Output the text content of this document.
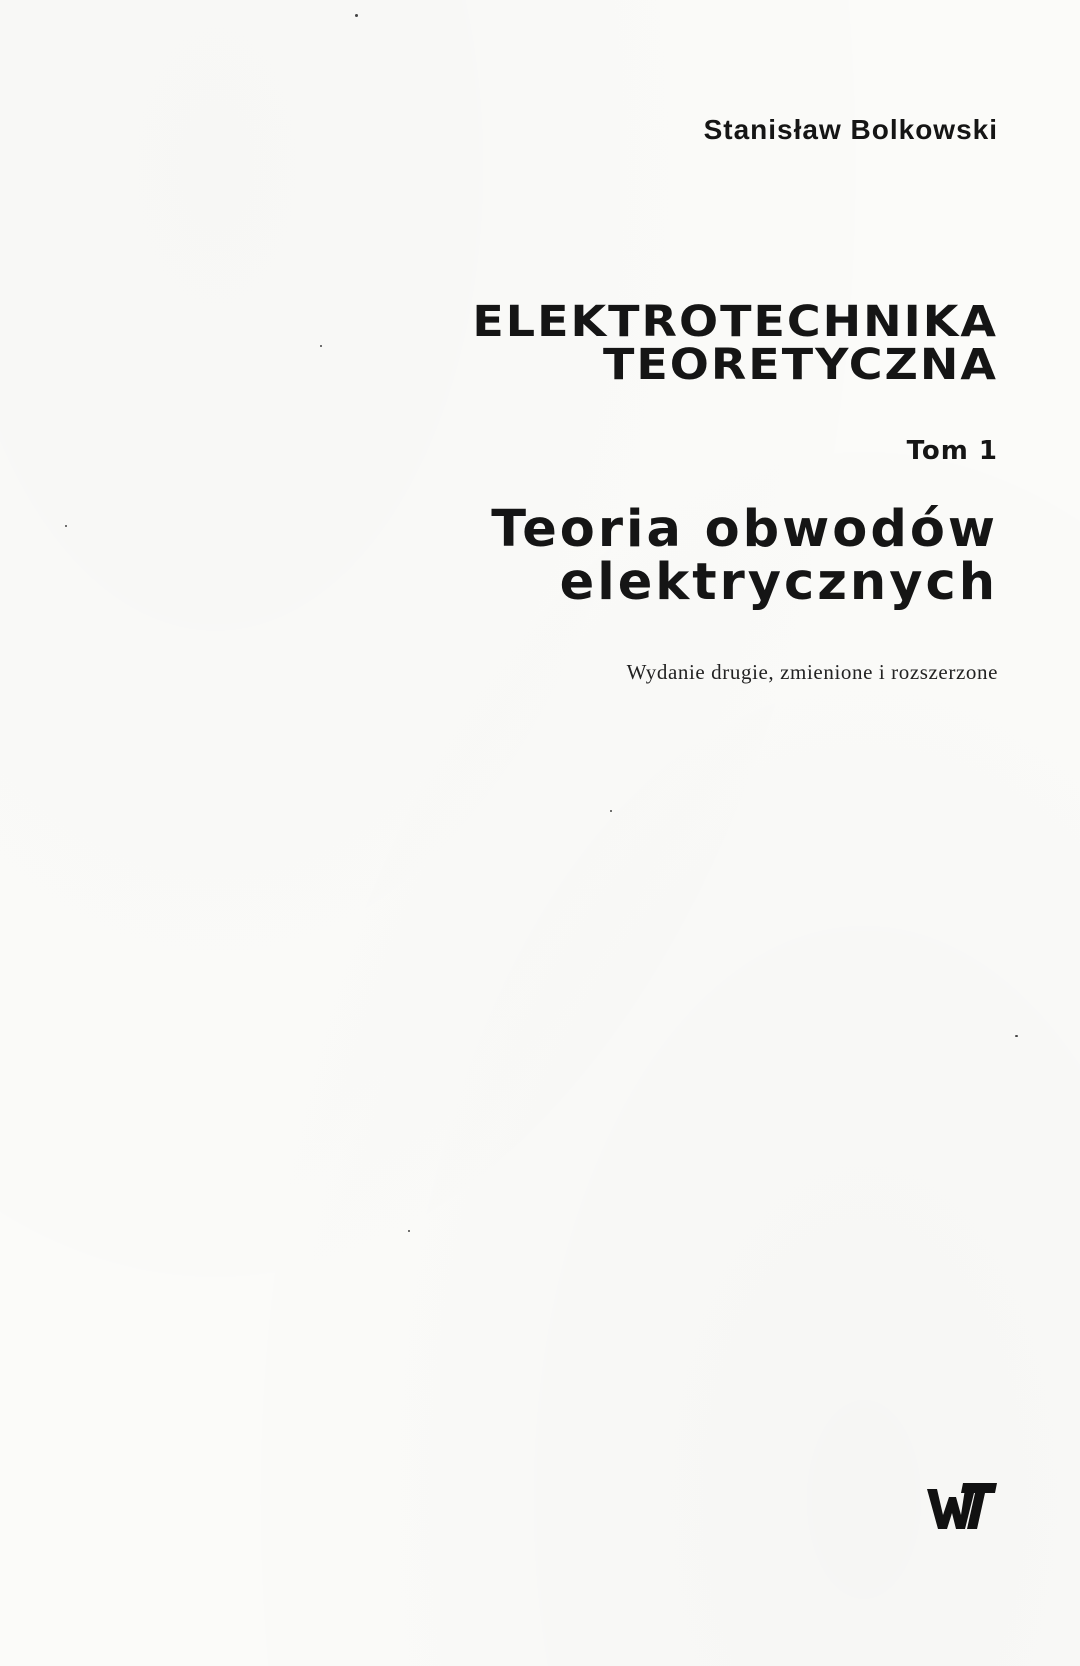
Stanisław Bolkowski
ELEKTROTECHNIKA
TEORETYCZNA
Tom 1
Teoria obwodów
elektrycznych
Wydanie drugie, zmienione i rozszerzone
